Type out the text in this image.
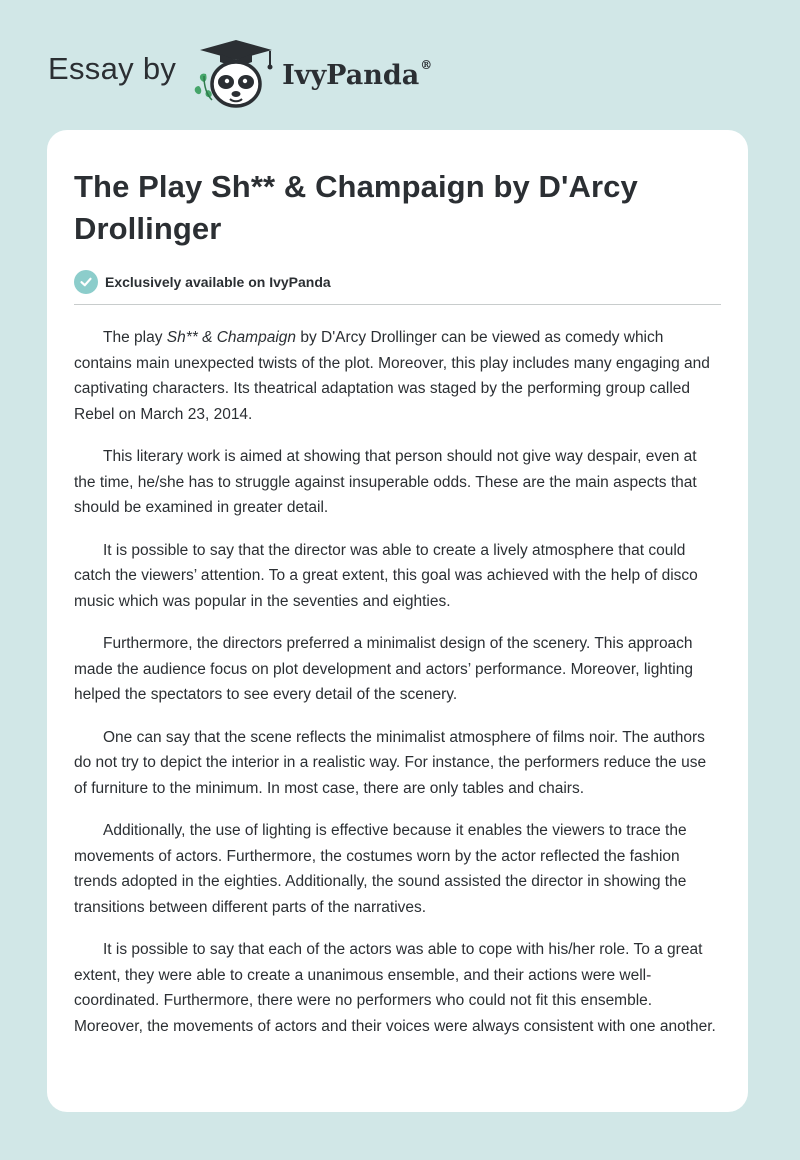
Essay by	IvyPanda®
The Play Sh** & Champaign by D'Arcy Drollinger
Exclusively available on IvyPanda

The play Sh** & Champaign by D'Arcy Drollinger can be viewed as comedy which contains main unexpected twists of the plot. Moreover, this play includes many engaging and captivating characters. Its theatrical adaptation was staged by the performing group called Rebel on March 23, 2014.

This literary work is aimed at showing that person should not give way despair, even at the time, he/she has to struggle against insuperable odds. These are the main aspects that should be examined in greater detail.

It is possible to say that the director was able to create a lively atmosphere that could catch the viewers’ attention. To a great extent, this goal was achieved with the help of disco music which was popular in the seventies and eighties.

Furthermore, the directors preferred a minimalist design of the scenery. This approach made the audience focus on plot development and actors’ performance. Moreover, lighting helped the spectators to see every detail of the scenery.

One can say that the scene reflects the minimalist atmosphere of films noir. The authors do not try to depict the interior in a realistic way. For instance, the performers reduce the use of furniture to the minimum. In most case, there are only tables and chairs.

Additionally, the use of lighting is effective because it enables the viewers to trace the movements of actors. Furthermore, the costumes worn by the actor reflected the fashion trends adopted in the eighties. Additionally, the sound assisted the director in showing the transitions between different parts of the narratives.

It is possible to say that each of the actors was able to cope with his/her role. To a great extent, they were able to create a unanimous ensemble, and their actions were well-coordinated. Furthermore, there were no performers who could not fit this ensemble. Moreover, the movements of actors and their voices were always consistent with one another.
